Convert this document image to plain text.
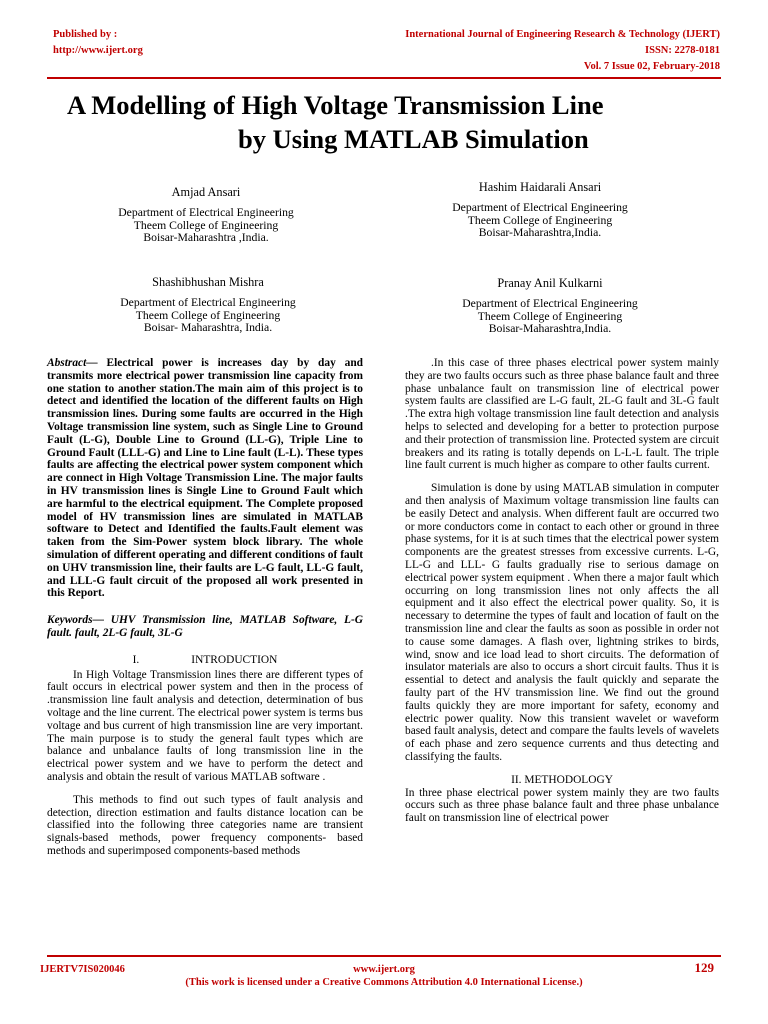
Published by :
http://www.ijert.org
International Journal of Engineering Research & Technology (IJERT)
ISSN: 2278-0181
Vol. 7 Issue 02, February-2018
A Modelling of High Voltage Transmission Line
by Using MATLAB Simulation
Amjad Ansari
Department of Electrical Engineering
Theem College of Engineering
Boisar-Maharashtra ,India.
Hashim Haidarali Ansari
Department of Electrical Engineering
Theem College of Engineering
Boisar-Maharashtra,India.
Shashibhushan Mishra
Department of Electrical Engineering
Theem College of Engineering
Boisar- Maharashtra, India.
Pranay Anil Kulkarni
Department of Electrical Engineering
Theem College of Engineering
Boisar-Maharashtra,India.

Abstract— Electrical power is increases day by day and transmits more electrical power transmission line capacity from one station to another station.The main aim of this project is to detect and identified the location of the different faults on High transmission lines. During some faults are occurred in the High Voltage transmission line system, such as Single Line to Ground Fault (L-G), Double Line to Ground (LL-G), Triple Line to Ground Fault (LLL-G) and Line to Line fault (L-L). These types faults are affecting the electrical power system component which are connect in High Voltage Transmission Line. The major faults in HV transmission lines is Single Line to Ground Fault which are harmful to the electrical equipment. The Complete proposed model of HV transmission lines are simulated in MATLAB software to Detect and Identified the faults.Fault element was taken from the Sim-Power system block library. The whole simulation of different operating and different conditions of fault on UHV transmission line, their faults are L-G fault, LL-G fault, and LLL-G fault circuit of the proposed all work presented in this Report.

Keywords— UHV Transmission line, MATLAB Software, L-G fault. fault, 2L-G fault, 3L-G

I.	INTRODUCTION

In High Voltage Transmission lines there are different types of fault occurs in electrical power system and then in the process of .transmission line fault analysis and detection, determination of bus voltage and the line current. The electrical power system is terms bus voltage and bus current of high transmission line are very important. The main purpose is to study the general fault types which are balance and unbalance faults of long transmission line in the electrical power system and we have to perform the detect and analysis and obtain the result of various MATLAB software .

This methods to find out such types of fault analysis and detection, direction estimation and faults distance location can be classified into the following three categories name are transient signals-based methods, power frequency components- based methods and superimposed components-based methods

.In this case of three phases electrical power system mainly they are two faults occurs such as three phase balance fault and three phase unbalance fault on transmission line of electrical power system faults are classified are L-G fault, 2L-G fault and 3L-G fault .The extra high voltage transmission line fault detection and analysis helps to selected and developing for a better to protection purpose and their protection of transmission line. Protected system are circuit breakers and its rating is totally depends on L-L-L fault. The triple line fault current is much higher as compare to other faults current.

Simulation is done by using MATLAB simulation in computer and then analysis of Maximum voltage transmission line faults can be easily Detect and analysis. When different fault are occurred two or more conductors come in contact to each other or ground in three phase systems, for it is at such times that the electrical power system components are the greatest stresses from excessive currents. L-G, LL-G and LLL- G faults gradually rise to serious damage on electrical power system equipment . When there a major fault which occurring on long transmission lines not only affects the all equipment and it also effect the electrical power quality. So, it is necessary to determine the types of fault and location of fault on the transmission line and clear the faults as soon as possible in order not to cause some damages. A flash over, lightning strikes to birds, wind, snow and ice load lead to short circuits. The deformation of insulator materials are also to occurs a short circuit faults. Thus it is essential to detect and analysis the fault quickly and separate the faulty part of the HV transmission line. We find out the ground faults quickly they are more important for safety, economy and electric power quality. Now this transient wavelet or waveform based fault analysis, detect and compare the faults levels of wavelets of each phase and zero sequence currents and thus detecting and classifying the faults.

II. METHODOLOGY

In three phase electrical power system mainly they are two faults occurs such as three phase balance fault and three phase unbalance fault on transmission line of electrical power

IJERTV7IS020046	www.ijert.org
(This work is licensed under a Creative Commons Attribution 4.0 International License.)
129
